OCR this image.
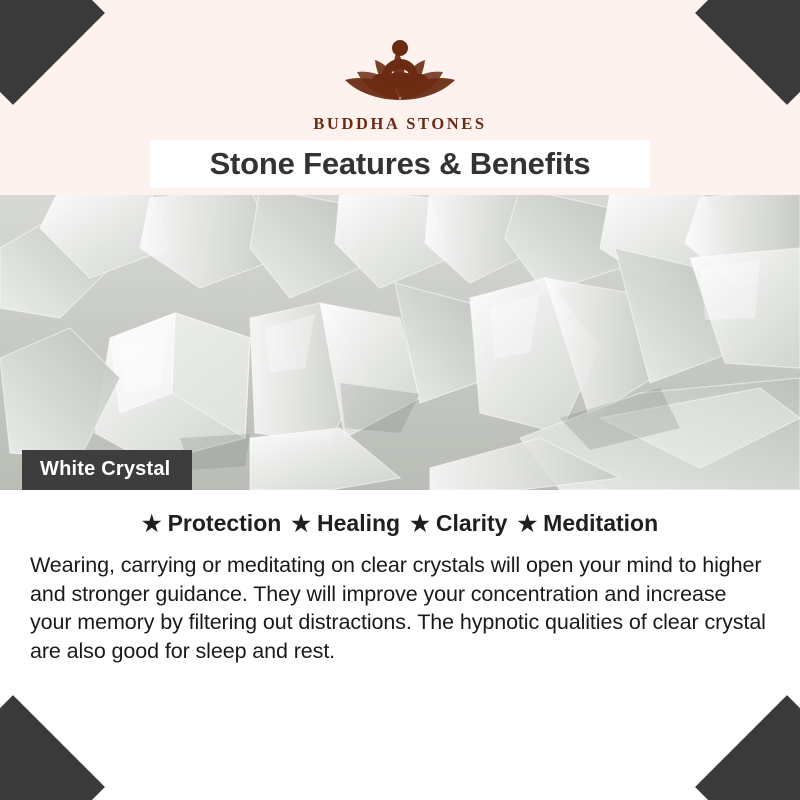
BUDDHA STONES
Stone Features & Benefits
White Crystal
★ Protection ★ Healing ★ Clarity ★ Meditation

Wearing, carrying or meditating on clear crystals will open your mind to higher and stronger guidance. They will improve your concentration and increase your memory by filtering out distractions. The hypnotic qualities of clear crystal are also good for sleep and rest.
